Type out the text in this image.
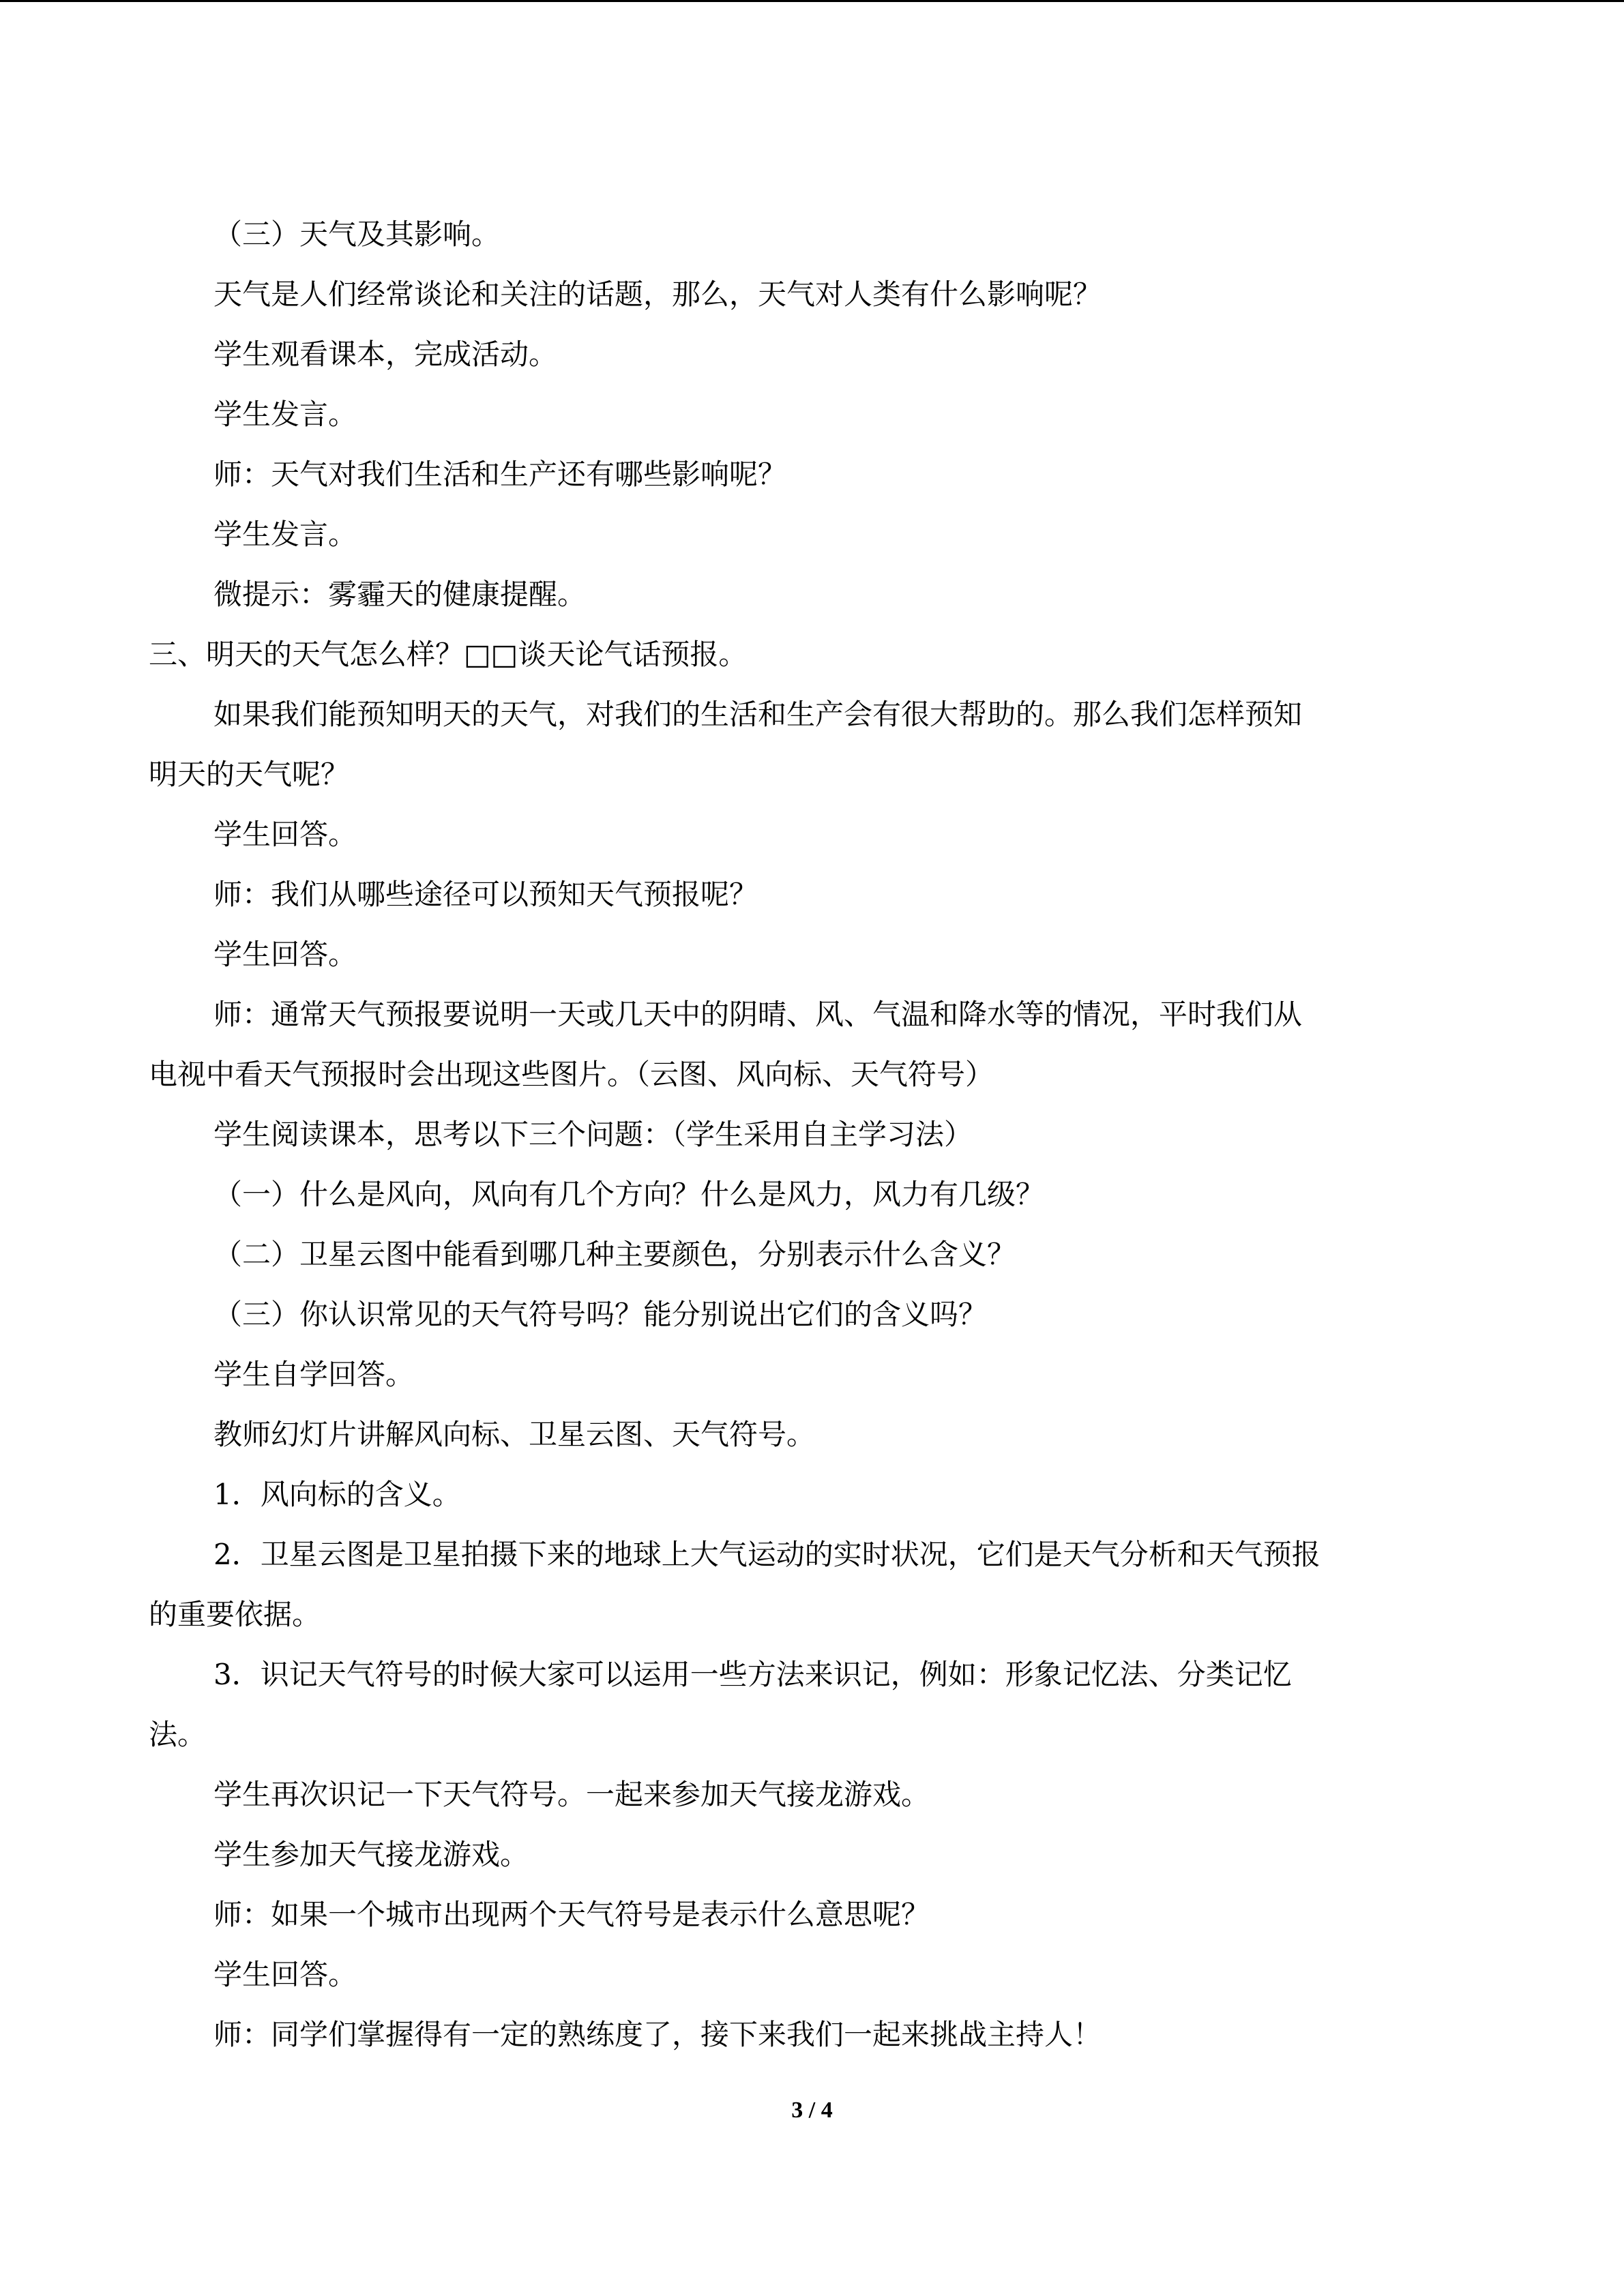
（三）天气及其影响。
天气是人们经常谈论和关注的话题，那么，天气对人类有什么影响呢？
学生观看课本，完成活动。
学生发言。
师：天气对我们生活和生产还有哪些影响呢？
学生发言。
微提示：雾霾天的健康提醒。
三、明天的天气怎么样？□□谈天论气话预报。
如果我们能预知明天的天气，对我们的生活和生产会有很大帮助的。那么我们怎样预知
明天的天气呢？
学生回答。
师：我们从哪些途径可以预知天气预报呢？
学生回答。
师：通常天气预报要说明一天或几天中的阴晴、风、气温和降水等的情况，平时我们从
电视中看天气预报时会出现这些图片。（云图、风向标、天气符号）
学生阅读课本，思考以下三个问题：（学生采用自主学习法）
（一）什么是风向，风向有几个方向？什么是风力，风力有几级？
（二）卫星云图中能看到哪几种主要颜色，分别表示什么含义？
（三）你认识常见的天气符号吗？能分别说出它们的含义吗？
学生自学回答。
教师幻灯片讲解风向标、卫星云图、天气符号。
1．风向标的含义。
2．卫星云图是卫星拍摄下来的地球上大气运动的实时状况，它们是天气分析和天气预报
的重要依据。
3．识记天气符号的时候大家可以运用一些方法来识记，例如：形象记忆法、分类记忆
法。
学生再次识记一下天气符号。一起来参加天气接龙游戏。
学生参加天气接龙游戏。
师：如果一个城市出现两个天气符号是表示什么意思呢？
学生回答。
师：同学们掌握得有一定的熟练度了，接下来我们一起来挑战主持人！
3 / 4
